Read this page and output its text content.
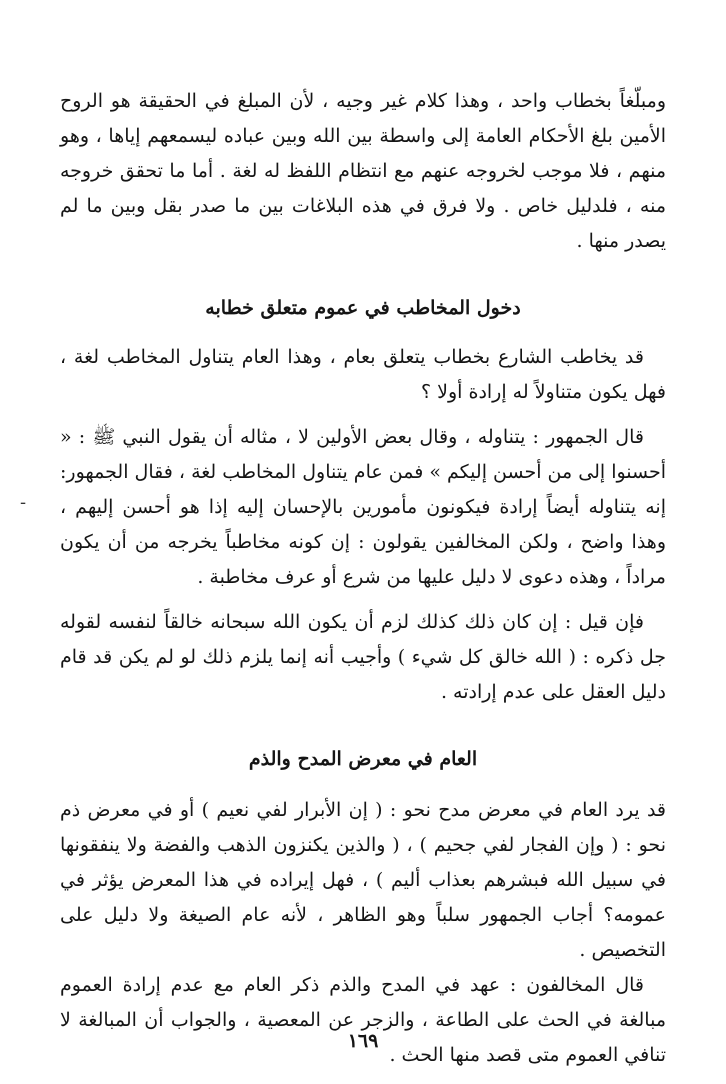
ومبلّغاً بخطاب واحد ، وهذا كلام غير وجيه ، لأن المبلغ في الحقيقة هو الروح الأمين بلغ الأحكام العامة إلى واسطة بين الله وبين عباده ليسمعهم إياها ، وهو منهم ، فلا موجب لخروجه عنهم مع انتظام اللفظ له لغة . أما ما تحقق خروجه منه ، فلدليل خاص . ولا فرق في هذه البلاغات بين ما صدر بقل وبين ما لم يصدر منها .

دخول المخاطب في عموم متعلق خطابه

قد يخاطب الشارع بخطاب يتعلق بعام ، وهذا العام يتناول المخاطب لغة ، فهل يكون متناولاً له إرادة أولا ؟

قال الجمهور : يتناوله ، وقال بعض الأولين لا ، مثاله أن يقول النبي ﷺ : « أحسنوا إلى من أحسن إليكم » فمن عام يتناول المخاطب لغة ، فقال الجمهور: إنه يتناوله أيضاً إرادة فيكونون مأمورين بالإحسان إليه إذا هو أحسن إليهم ، وهذا واضح ، ولكن المخالفين يقولون : إن كونه مخاطباً يخرجه من أن يكون مراداً ، وهذه دعوى لا دليل عليها من شرع أو عرف مخاطبة .

فإن قيل : إن كان ذلك كذلك لزم أن يكون الله سبحانه خالقاً لنفسه لقوله جل ذكره : ( الله خالق كل شيء ) وأجيب أنه إنما يلزم ذلك لو لم يكن قد قام دليل العقل على عدم إرادته .

العام في معرض المدح والذم

قد يرد العام في معرض مدح نحو : ( إن الأبرار لفي نعيم ) أو في معرض ذم نحو : ( وإن الفجار لفي جحيم ) ، ( والذين يكنزون الذهب والفضة ولا ينفقونها في سبيل الله فبشرهم بعذاب أليم ) ، فهل إيراده في هذا المعرض يؤثر في عمومه؟ أجاب الجمهور سلباً وهو الظاهر ، لأنه عام الصيغة ولا دليل على التخصيص .

قال المخالفون : عهد في المدح والذم ذكر العام مع عدم إرادة العموم مبالغة في الحث على الطاعة ، والزجر عن المعصية ، والجواب أن المبالغة لا تنافي العموم متى قصد منها الحث .

-
١٦٩
